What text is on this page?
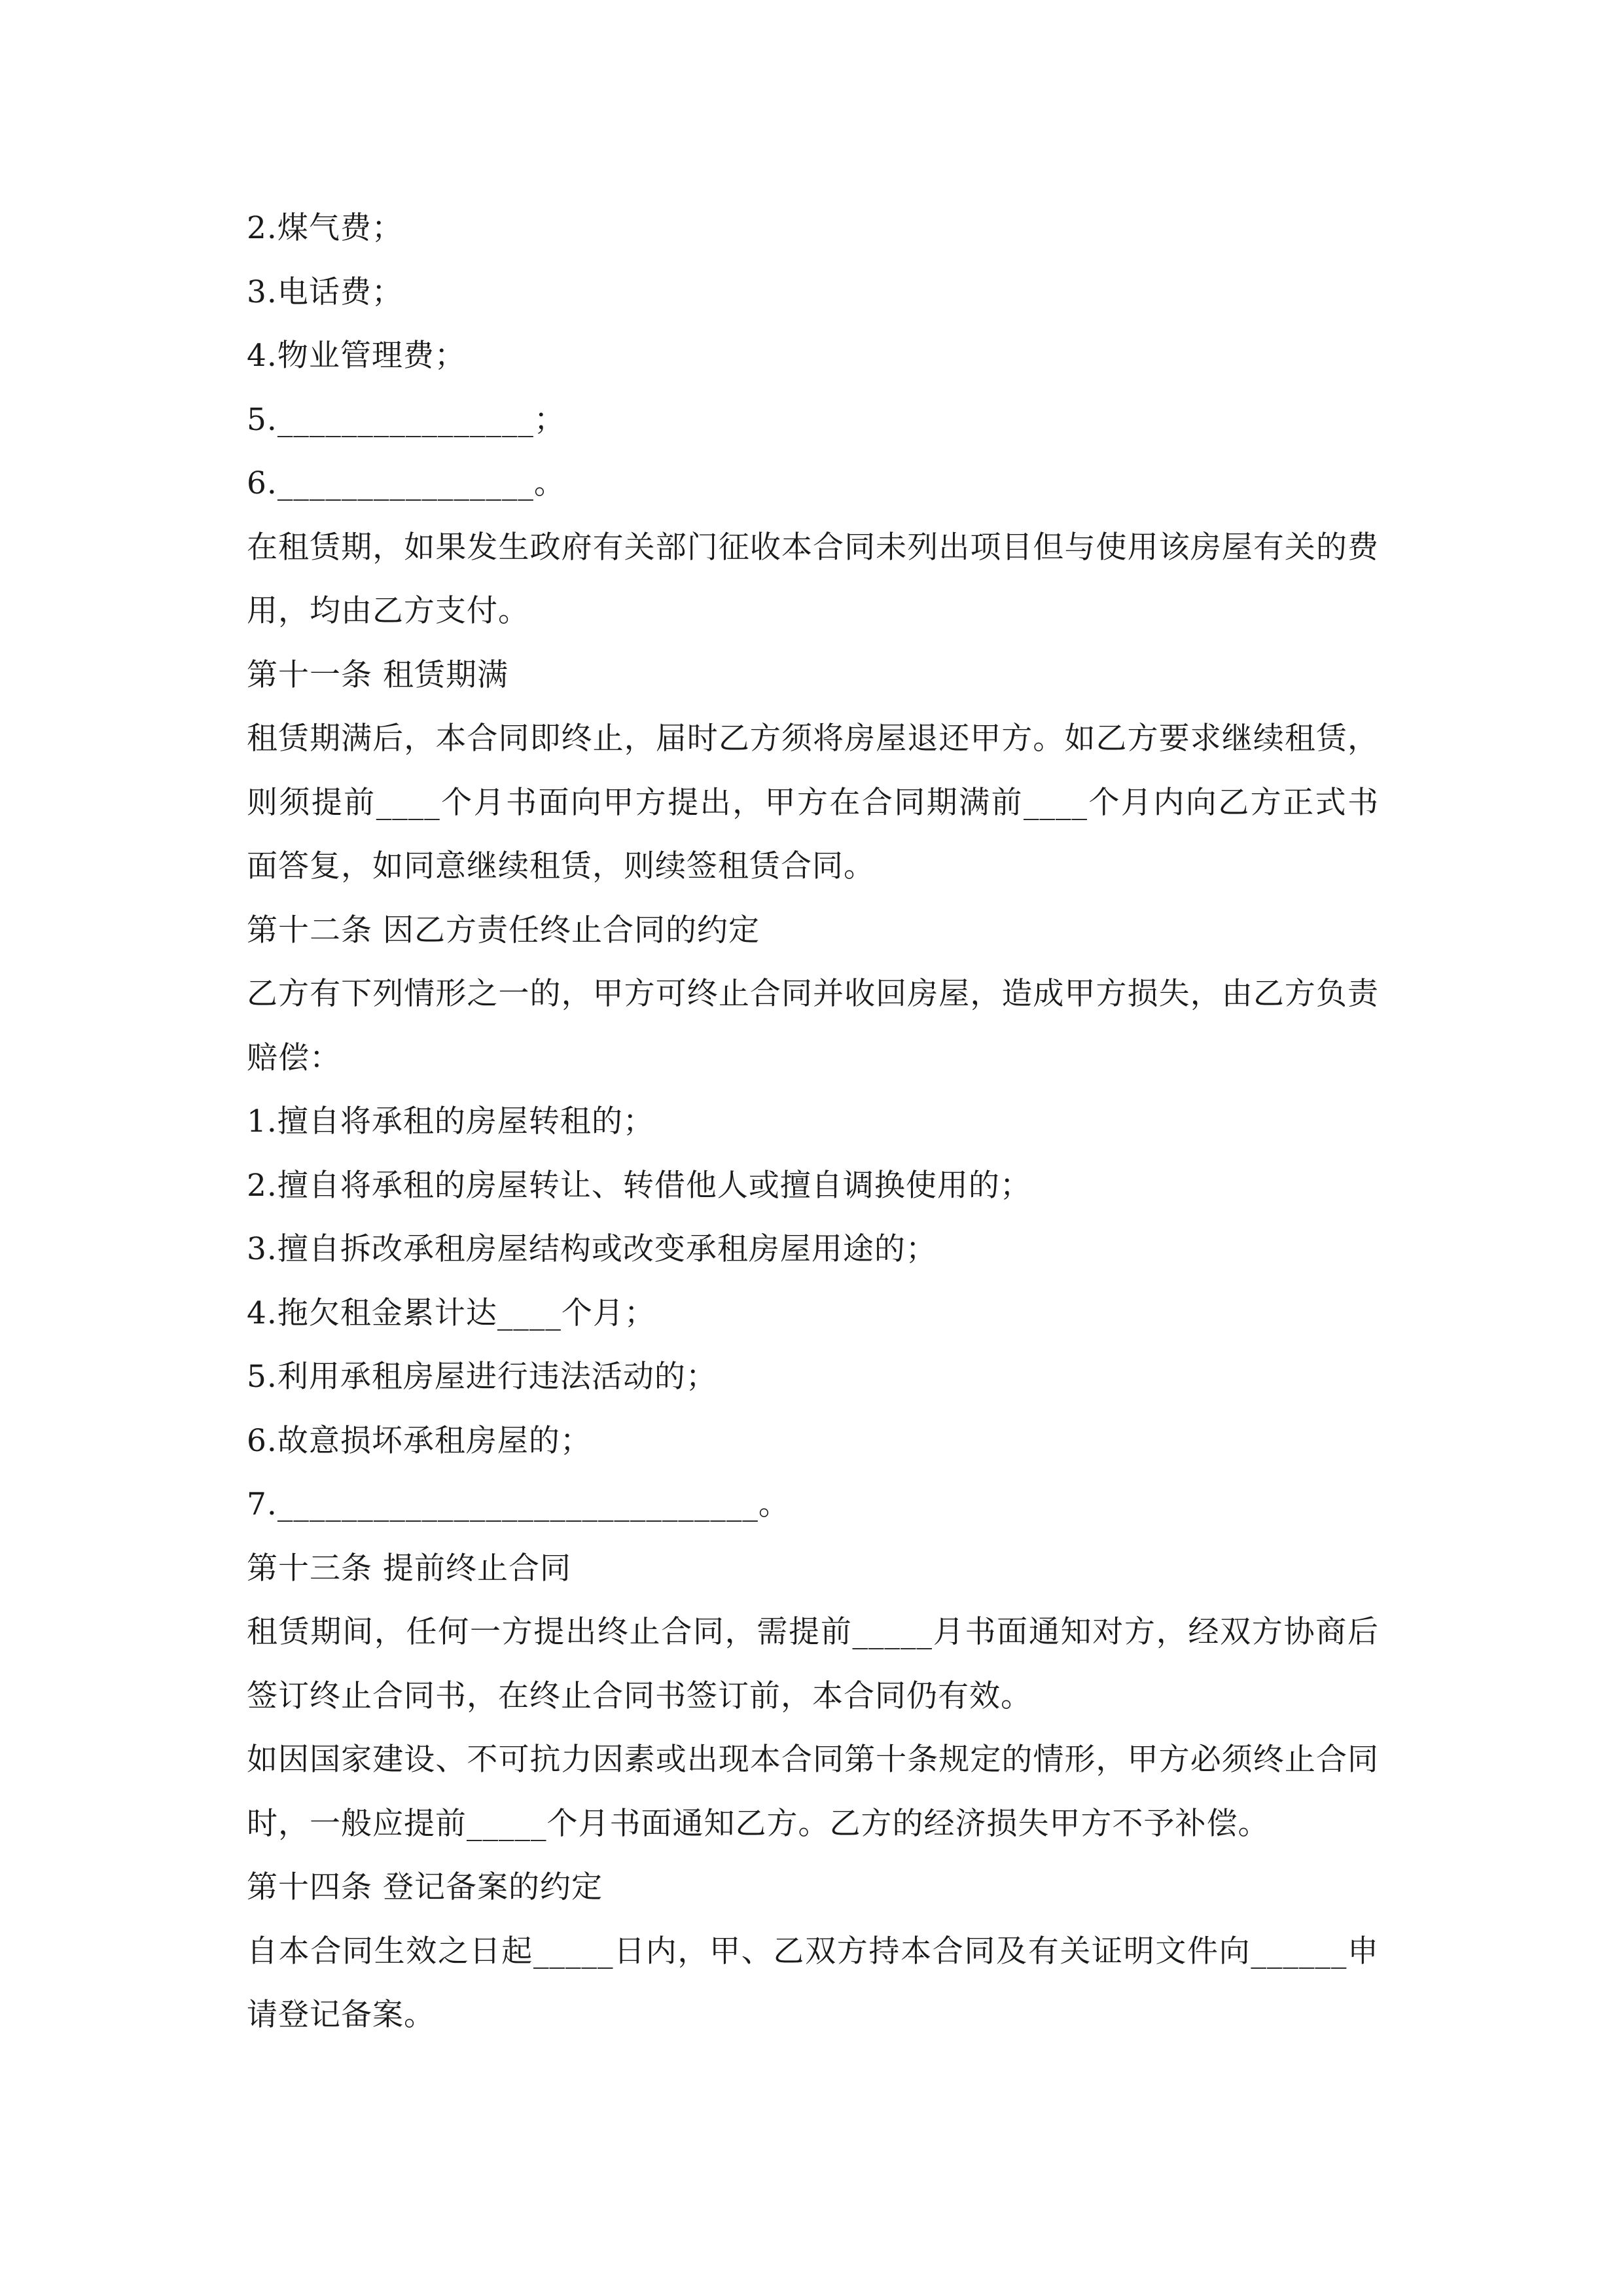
2.煤气费；
3.电话费；
4.物业管理费；
5.________________；
6.________________。
在租赁期，如果发生政府有关部门征收本合同未列出项目但与使用该房屋有关的费用，均由乙方支付。
第十一条 租赁期满
租赁期满后，本合同即终止，届时乙方须将房屋退还甲方。如乙方要求继续租赁，则须提前____个月书面向甲方提出，甲方在合同期满前____个月内向乙方正式书面答复，如同意继续租赁，则续签租赁合同。
第十二条 因乙方责任终止合同的约定
乙方有下列情形之一的，甲方可终止合同并收回房屋，造成甲方损失，由乙方负责赔偿：
1.擅自将承租的房屋转租的；
2.擅自将承租的房屋转让、转借他人或擅自调换使用的；
3.擅自拆改承租房屋结构或改变承租房屋用途的；
4.拖欠租金累计达____个月；
5.利用承租房屋进行违法活动的；
6.故意损坏承租房屋的；
7.______________________________。
第十三条 提前终止合同
租赁期间，任何一方提出终止合同，需提前_____月书面通知对方，经双方协商后签订终止合同书，在终止合同书签订前，本合同仍有效。
如因国家建设、不可抗力因素或出现本合同第十条规定的情形，甲方必须终止合同时，一般应提前_____个月书面通知乙方。乙方的经济损失甲方不予补偿。
第十四条 登记备案的约定
自本合同生效之日起_____日内，甲、乙双方持本合同及有关证明文件向______申请登记备案。
